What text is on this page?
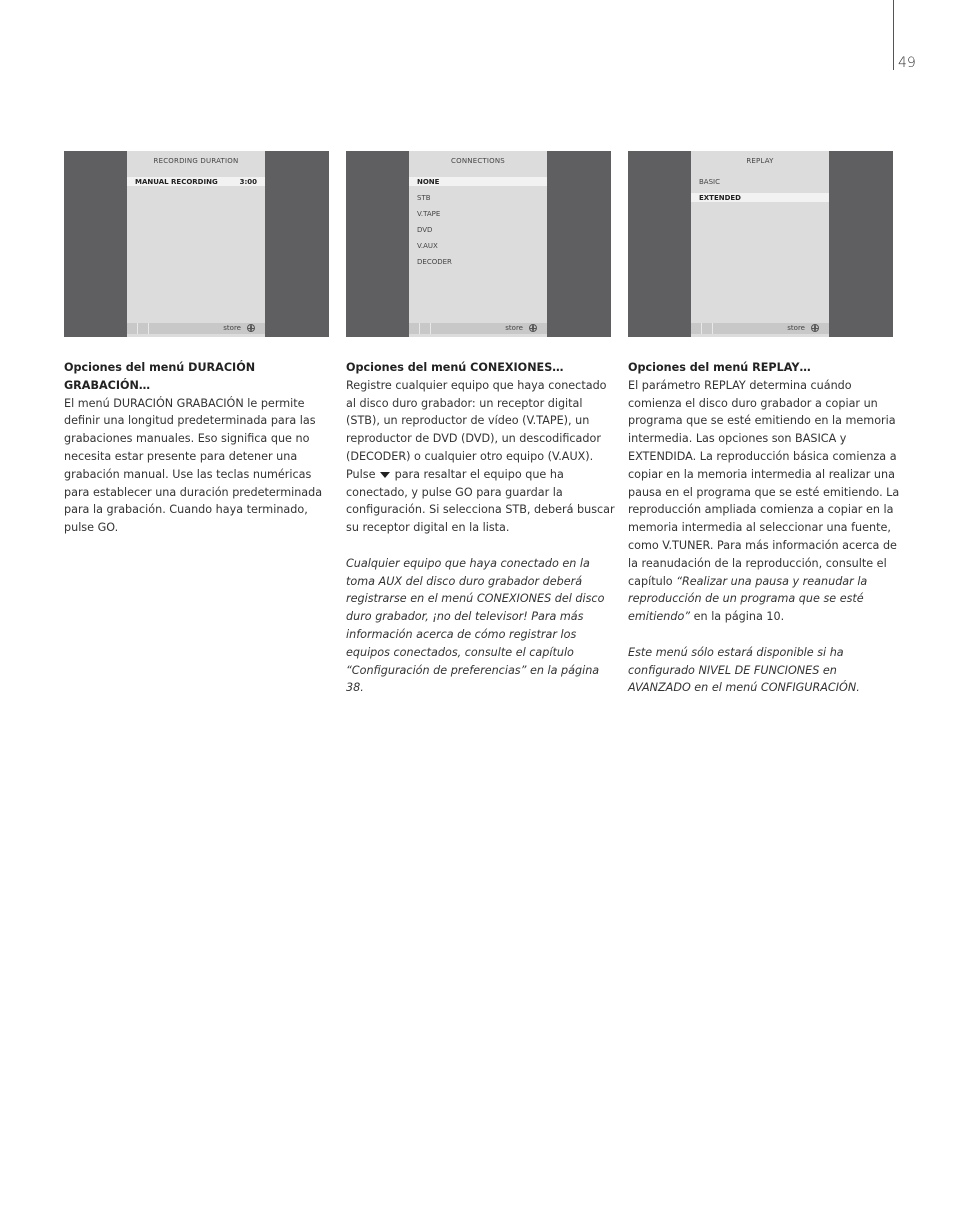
49
RECORDING DURATION
MANUAL RECORDING	3:00
store
CONNECTIONS
NONE
STB
V.TAPE
DVD
V.AUX
DECODER
store
REPLAY
BASIC
EXTENDED
store

Opciones del menú DURACIÓN GRABACIÓN…

El menú DURACIÓN GRABACIÓN le permite definir una longitud predeterminada para las grabaciones manuales. Eso significa que no necesita estar presente para detener una grabación manual. Use las teclas numéricas para establecer una duración predeterminada para la grabación. Cuando haya terminado, pulse GO.

Opciones del menú CONEXIONES…

Registre cualquier equipo que haya conectado al disco duro grabador: un receptor digital (STB), un reproductor de vídeo (V.TAPE), un reproductor de DVD (DVD), un descodificador (DECODER) o cualquier otro equipo (V.AUX). Pulse para resaltar el equipo que ha conectado, y pulse GO para guardar la configuración. Si selecciona STB, deberá buscar su receptor digital en la lista.

Cualquier equipo que haya conectado en la toma AUX del disco duro grabador deberá registrarse en el menú CONEXIONES del disco duro grabador, ¡no del televisor! Para más información acerca de cómo registrar los equipos conectados, consulte el capítulo “Configuración de preferencias” en la página 38.

Opciones del menú REPLAY…

El parámetro REPLAY determina cuándo comienza el disco duro grabador a copiar un programa que se esté emitiendo en la memoria intermedia. Las opciones son BASICA y EXTENDIDA. La reproducción básica comienza a copiar en la memoria intermedia al realizar una pausa en el programa que se esté emitiendo. La reproducción ampliada comienza a copiar en la memoria intermedia al seleccionar una fuente, como V.TUNER. Para más información acerca de la reanudación de la reproducción, consulte el capítulo “Realizar una pausa y reanudar la reproducción de un programa que se esté emitiendo” en la página 10.

Este menú sólo estará disponible si ha configurado NIVEL DE FUNCIONES en AVANZADO en el menú CONFIGURACIÓN.
